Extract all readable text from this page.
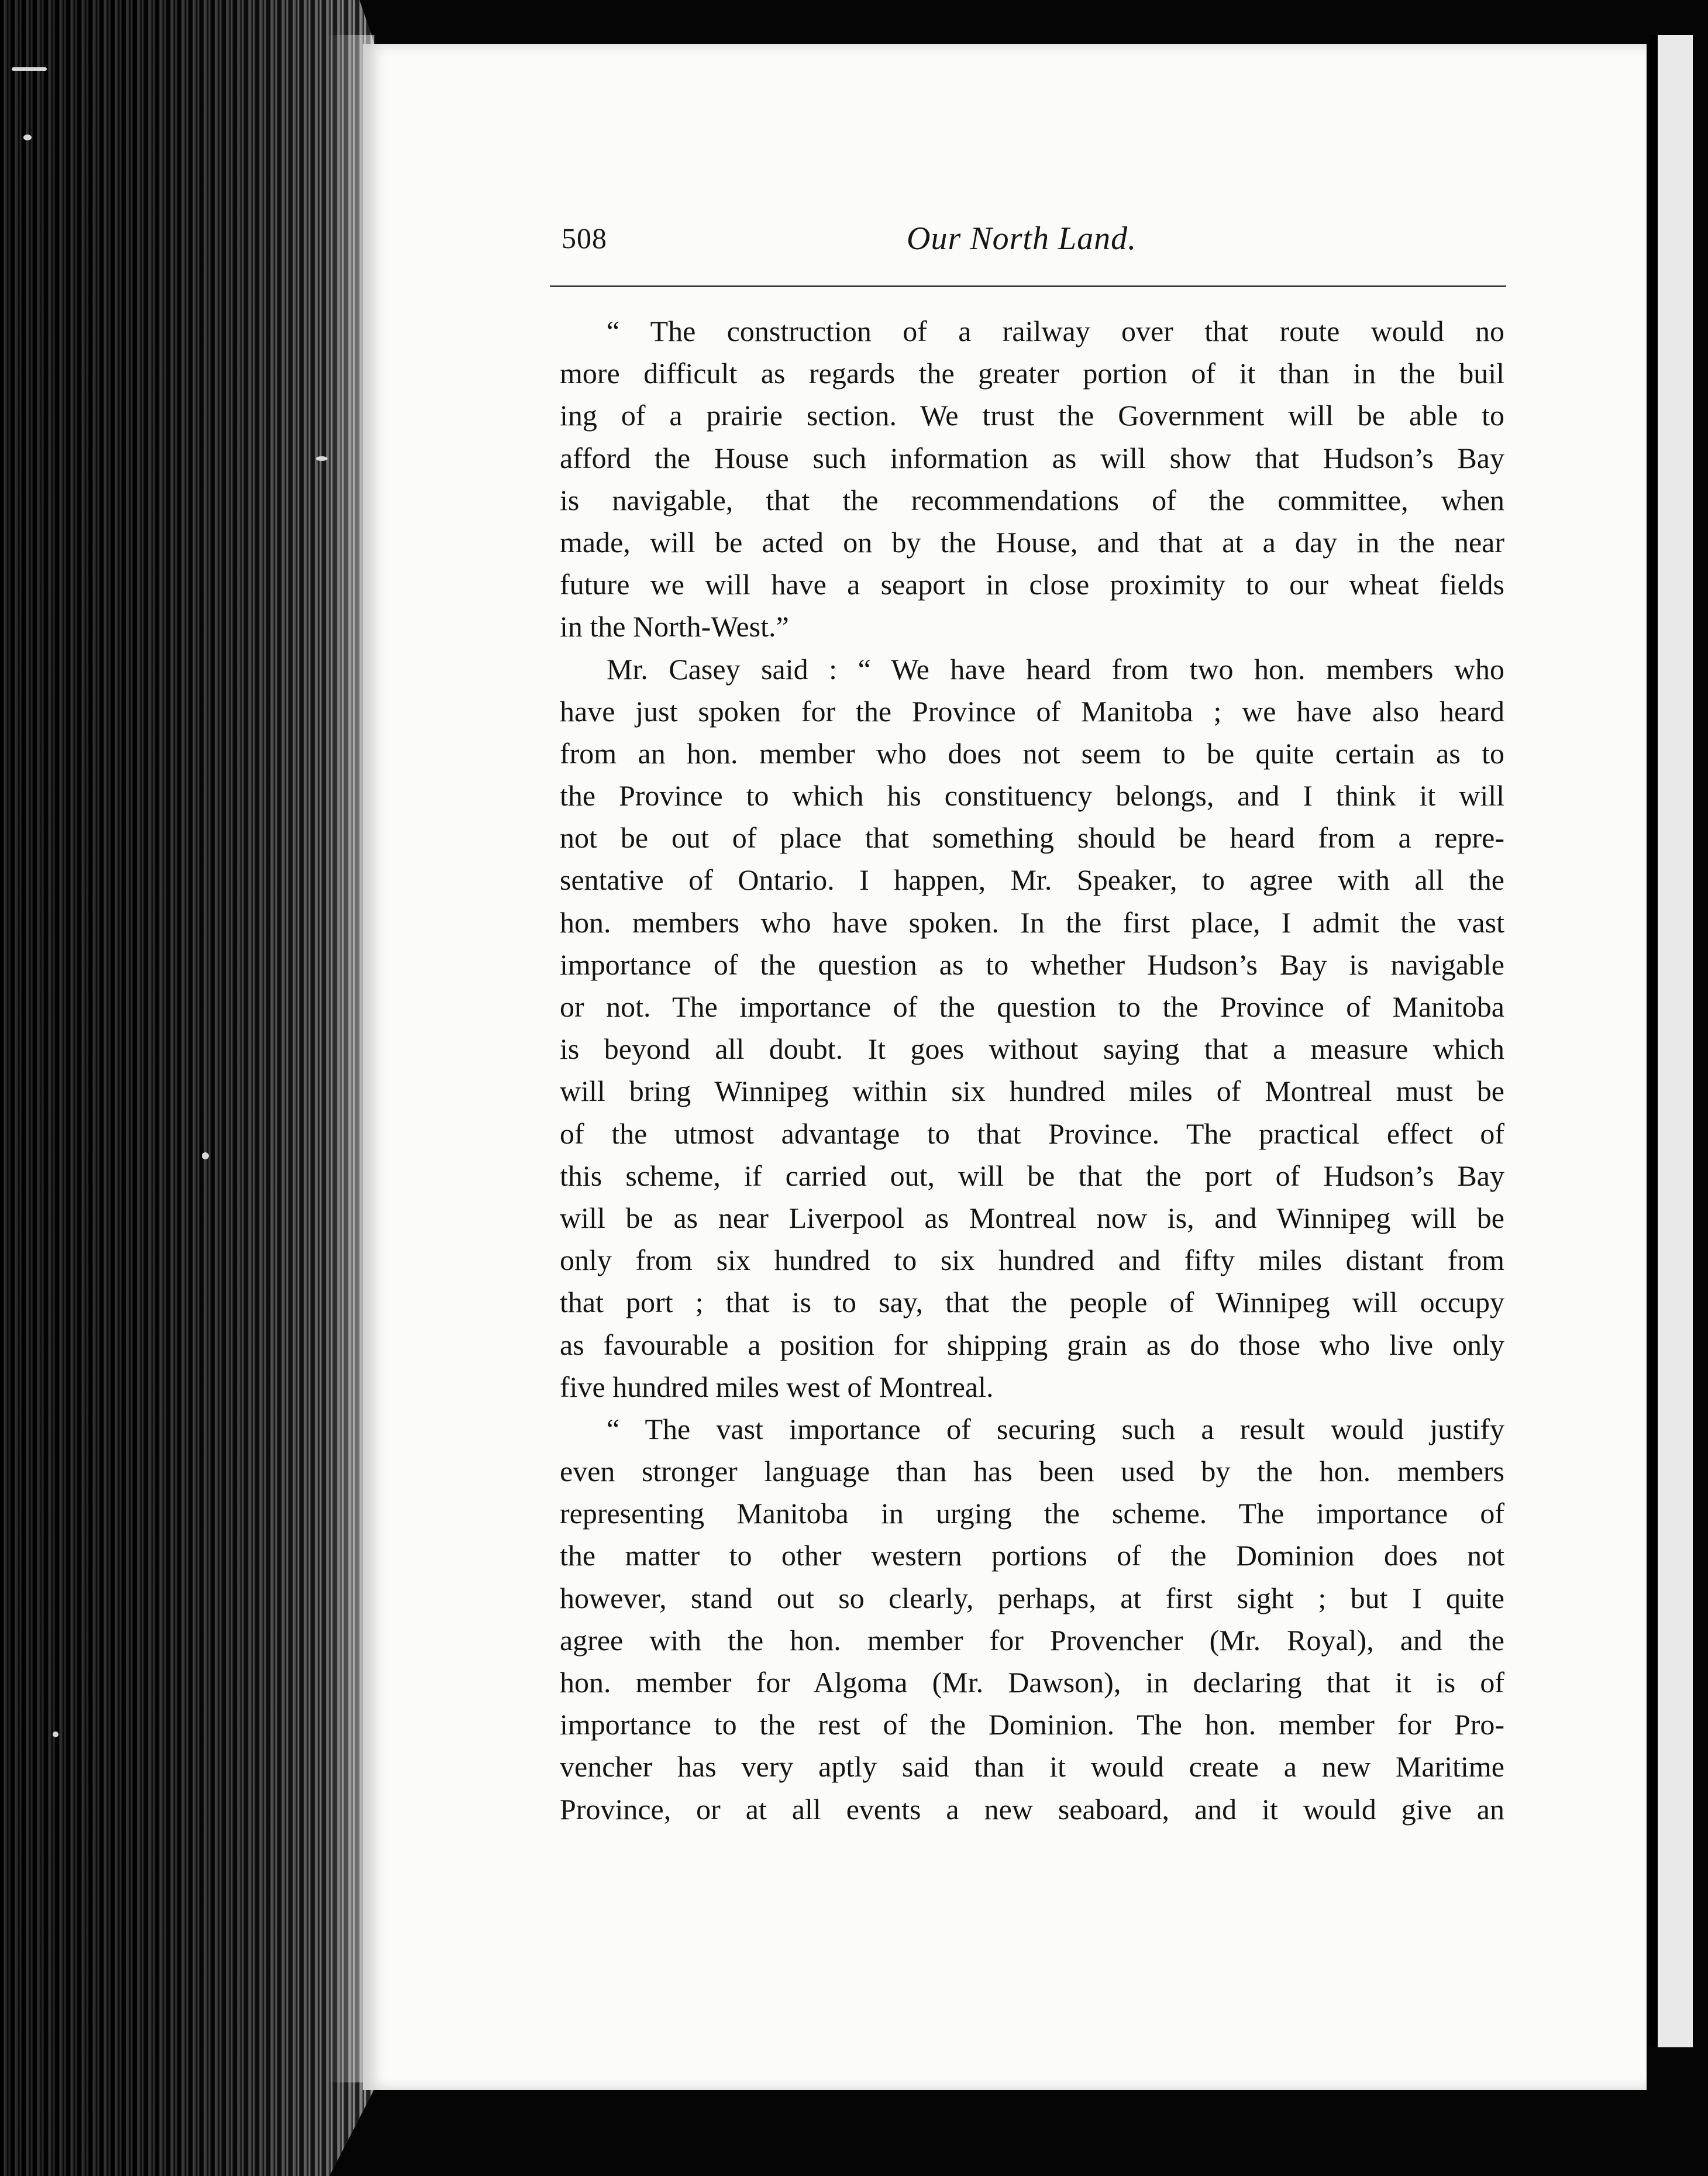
508	Our North Land.
“ The construction of a railway over that route would no
more difficult as regards the greater portion of it than in the buil
ing of a prairie section. We trust the Government will be able to
afford the House such information as will show that Hudson’s Bay
is navigable, that the recommendations of the committee, when
made, will be acted on by the House, and that at a day in the near
future we will have a seaport in close proximity to our wheat fields
in the North-West.”
Mr. Casey said : “ We have heard from two hon. members who
have just spoken for the Province of Manitoba ; we have also heard
from an hon. member who does not seem to be quite certain as to
the Province to which his constituency belongs, and I think it will
not be out of place that something should be heard from a repre-
sentative of Ontario. I happen, Mr. Speaker, to agree with all the
hon. members who have spoken. In the first place, I admit the vast
importance of the question as to whether Hudson’s Bay is navigable
or not. The importance of the question to the Province of Manitoba
is beyond all doubt. It goes without saying that a measure which
will bring Winnipeg within six hundred miles of Montreal must be
of the utmost advantage to that Province. The practical effect of
this scheme, if carried out, will be that the port of Hudson’s Bay
will be as near Liverpool as Montreal now is, and Winnipeg will be
only from six hundred to six hundred and fifty miles distant from
that port ; that is to say, that the people of Winnipeg will occupy
as favourable a position for shipping grain as do those who live only
five hundred miles west of Montreal.
“ The vast importance of securing such a result would justify
even stronger language than has been used by the hon. members
representing Manitoba in urging the scheme. The importance of
the matter to other western portions of the Dominion does not
however, stand out so clearly, perhaps, at first sight ; but I quite
agree with the hon. member for Provencher (Mr. Royal), and the
hon. member for Algoma (Mr. Dawson), in declaring that it is of
importance to the rest of the Dominion. The hon. member for Pro-
vencher has very aptly said than it would create a new Maritime
Province, or at all events a new seaboard, and it would give an
